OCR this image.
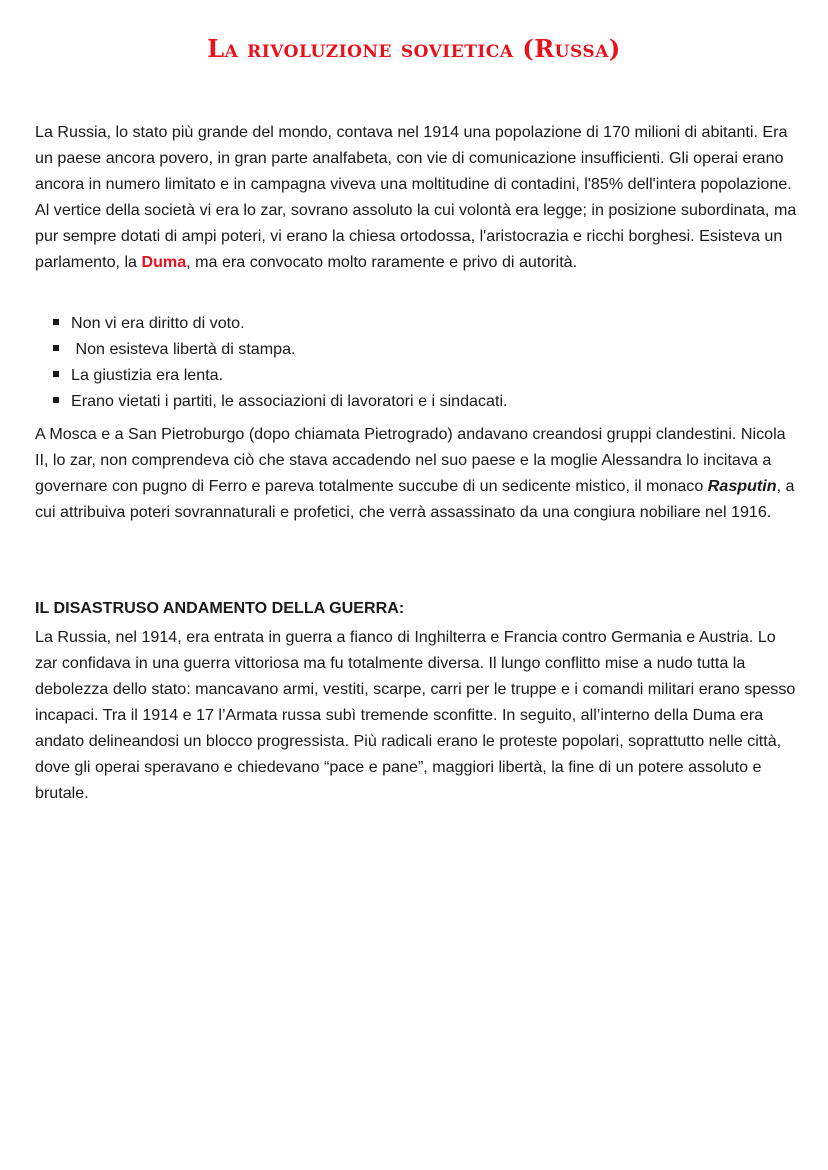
La rivoluzione sovietica (Russa)

La Russia, lo stato più grande del mondo, contava nel 1914 una popolazione di 170 milioni di abitanti. Era un paese ancora povero, in gran parte analfabeta, con vie di comunicazione insufficienti. Gli operai erano ancora in numero limitato e in campagna viveva una moltitudine di contadini, l'85% dell'intera popolazione. Al vertice della società vi era lo zar, sovrano assoluto la cui volontà era legge; in posizione subordinata, ma pur sempre dotati di ampi poteri, vi erano la chiesa ortodossa, l'aristocrazia e ricchi borghesi. Esisteva un parlamento, la Duma, ma era convocato molto raramente e privo di autorità.

Non vi era diritto di voto.
Non esisteva libertà di stampa.
La giustizia era lenta.
Erano vietati i partiti, le associazioni di lavoratori e i sindacati.

A Mosca e a San Pietroburgo (dopo chiamata Pietrogrado) andavano creandosi gruppi clandestini. Nicola II, lo zar, non comprendeva ciò che stava accadendo nel suo paese e la moglie Alessandra lo incitava a governare con pugno di Ferro e pareva totalmente succube di un sedicente mistico, il monaco Rasputin, a cui attribuiva poteri sovrannaturali e profetici, che verrà assassinato da una congiura nobiliare nel 1916.

IL DISASTRUSO ANDAMENTO DELLA GUERRA:

La Russia, nel 1914, era entrata in guerra a fianco di Inghilterra e Francia contro Germania e Austria. Lo zar confidava in una guerra vittoriosa ma fu totalmente diversa. Il lungo conflitto mise a nudo tutta la debolezza dello stato: mancavano armi, vestiti, scarpe, carri per le truppe e i comandi militari erano spesso incapaci. Tra il 1914 e 17 l’Armata russa subì tremende sconfitte. In seguito, all’interno della Duma era andato delineandosi un blocco progressista. Più radicali erano le proteste popolari, soprattutto nelle città, dove gli operai speravano e chiedevano “pace e pane”, maggiori libertà, la fine di un potere assoluto e brutale.
